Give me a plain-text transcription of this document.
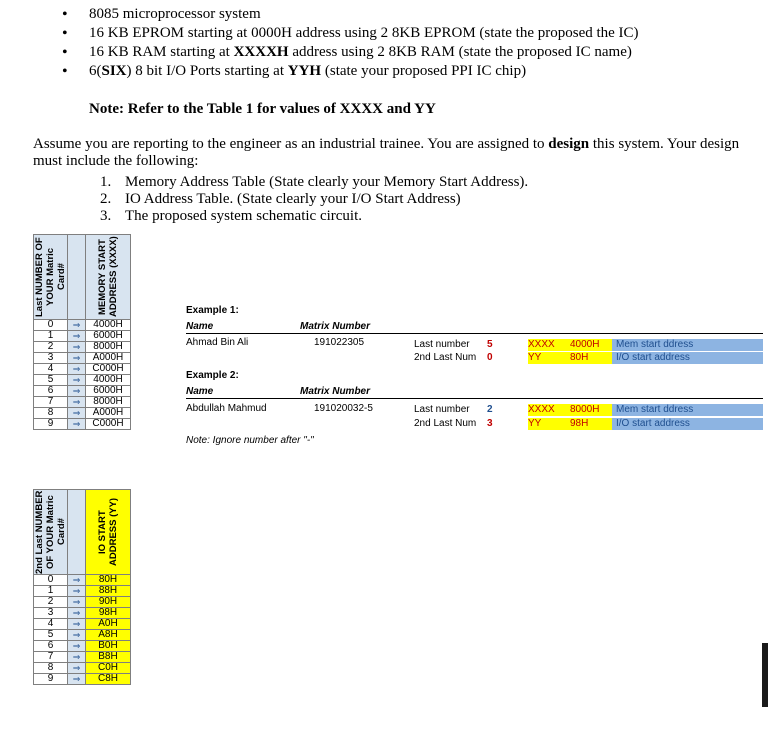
• 8085 microprocessor system
• 16 KB EPROM starting at 0000H address using 2 8KB EPROM (state the proposed the IC)
• 16 KB RAM starting at XXXXH address using 2 8KB RAM (state the proposed IC name)
• 6(SIX) 8 bit I/O Ports starting at YYH (state your proposed PPI IC chip)
Note: Refer to the Table 1 for values of XXXX and YY
Assume you are reporting to the engineer as an industrial trainee. You are assigned to design this system. Your design must include the following:
1. Memory Address Table (State clearly your Memory Start Address).
2. IO Address Table. (State clearly your I/O Start Address)
3. The proposed system schematic circuit.
Last NUMBER OF YOUR Matric Card#		MEMORY START ADDRESS (XXXX)

0	⇒	4000H
1	⇒	6000H
2	⇒	8000H
3	⇒	A000H
4	⇒	C000H
5	⇒	4000H
6	⇒	6000H
7	⇒	8000H
8	⇒	A000H
9	⇒	C000H
2nd Last NUMBER OF YOUR Matric Card#		IO START ADDRESS (YY)

0	⇒	80H
1	⇒	88H
2	⇒	90H
3	⇒	98H
4	⇒	A0H
5	⇒	A8H
6	⇒	B0H
7	⇒	B8H
8	⇒	C0H
9	⇒	C8H
Example 1:
Name	Matrix Number
Ahmad Bin Ali	191022305	Last number 5	XXXX	4000H	Mem start ddress
2nd Last Num 0	YY	80H	I/O start address
Example 2:
Name	Matrix Number
Abdullah Mahmud	191020032-5	Last number 2	XXXX	8000H	Mem start ddress
2nd Last Num 3	YY	98H	I/O start address
Note: Ignore number after "-"
